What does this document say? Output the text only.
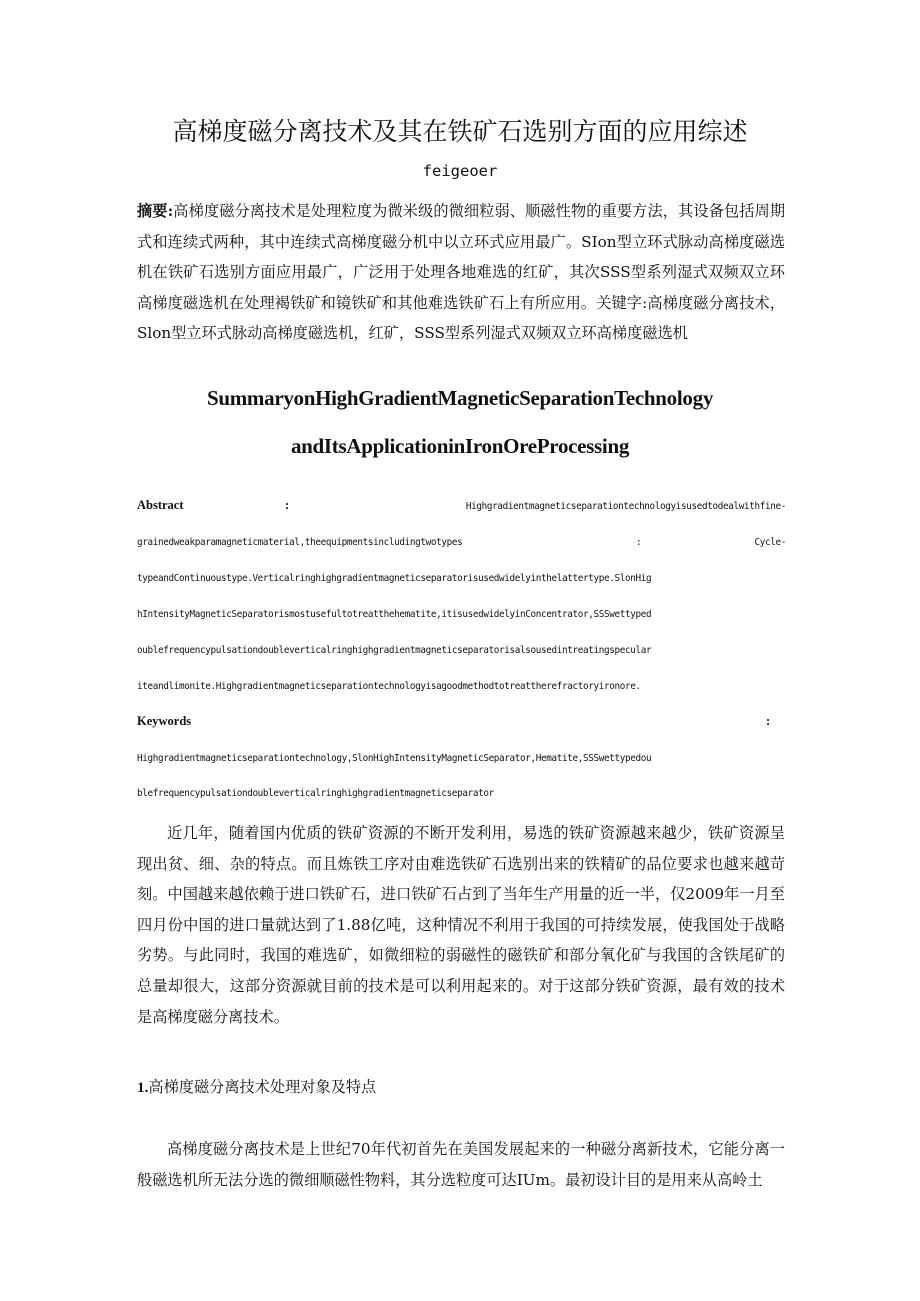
高梯度磁分离技术及其在铁矿石选别方面的应用综述
feigeoer

摘要:高梯度磁分离技术是处理粒度为微米级的微细粒弱、顺磁性物的重要方法，其设备包括周期式和连续式两种，其中连续式高梯度磁分机中以立环式应用最广。SIon型立环式脉动高梯度磁选机在铁矿石选别方面应用最广，广泛用于处理各地难选的红矿，其次SSS型系列湿式双频双立环高梯度磁选机在处理褐铁矿和镜铁矿和其他难选铁矿石上有所应用。关键字:高梯度磁分离技术，Slon型立环式脉动高梯度磁选机，红矿，SSS型系列湿式双频双立环高梯度磁选机

SummaryonHighGradientMagneticSeparationTechnology
andItsApplicationinIronOreProcessing
Abstract	:	Highgradientmagneticseparationtechnologyisusedtodealwithfine-
grainedweakparamagneticmaterial,theequipmentsincludingtwotypes	:	Cycle-
typeandContinuoustype.Verticalringhighgradientmagneticseparatorisusedwidelyinthelattertype.SlonHig
hIntensityMagneticSeparatorismostusefultotreatthehematite,itisusedwidelyinConcentrator,SSSwettyped
oublefrequencypulsationdoubleverticalringhighgradientmagneticseparatorisalsousedintreatingspecular
iteandlimonite.Highgradientmagneticseparationtechnologyisagoodmethodtotreattherefractoryironore.
Keywords	:
Highgradientmagneticseparationtechnology,SlonHighIntensityMagneticSeparator,Hematite,SSSwettypedou
blefrequencypulsationdoubleverticalringhighgradientmagneticseparator

近几年，随着国内优质的铁矿资源的不断开发利用，易选的铁矿资源越来越少，铁矿资源呈现出贫、细、杂的特点。而且炼铁工序对由难选铁矿石选别出来的铁精矿的品位要求也越来越苛刻。中国越来越依赖于进口铁矿石，进口铁矿石占到了当年生产用量的近一半，仅2009年一月至四月份中国的进口量就达到了1.88亿吨，这种情况不利用于我国的可持续发展，使我国处于战略劣势。与此同时，我国的难选矿，如微细粒的弱磁性的磁铁矿和部分氧化矿与我国的含铁尾矿的总量却很大，这部分资源就目前的技术是可以利用起来的。对于这部分铁矿资源，最有效的技术是高梯度磁分离技术。

1.高梯度磁分离技术处理对象及特点

高梯度磁分离技术是上世纪70年代初首先在美国发展起来的一种磁分离新技术，它能分离一般磁选机所无法分选的微细顺磁性物料，其分选粒度可达IUm。最初设计目的是用来从高岭土
